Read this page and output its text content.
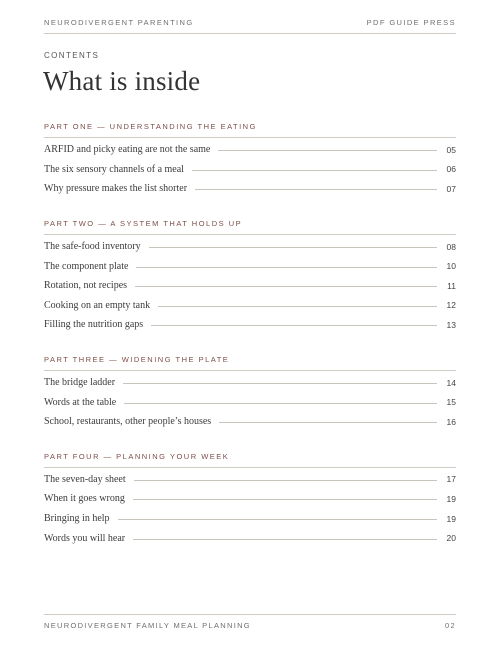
NEURODIVERGENT PARENTING	PDF GUIDE PRESS
CONTENTS
What is inside
PART ONE — UNDERSTANDING THE EATING
ARFID and picky eating are not the same	05
The six sensory channels of a meal	06
Why pressure makes the list shorter	07
PART TWO — A SYSTEM THAT HOLDS UP
The safe-food inventory	08
The component plate	10
Rotation, not recipes	11
Cooking on an empty tank	12
Filling the nutrition gaps	13
PART THREE — WIDENING THE PLATE
The bridge ladder	14
Words at the table	15
School, restaurants, other people’s houses	16
PART FOUR — PLANNING YOUR WEEK
The seven-day sheet	17
When it goes wrong	19
Bringing in help	19
Words you will hear	20
NEURODIVERGENT FAMILY MEAL PLANNING	02
